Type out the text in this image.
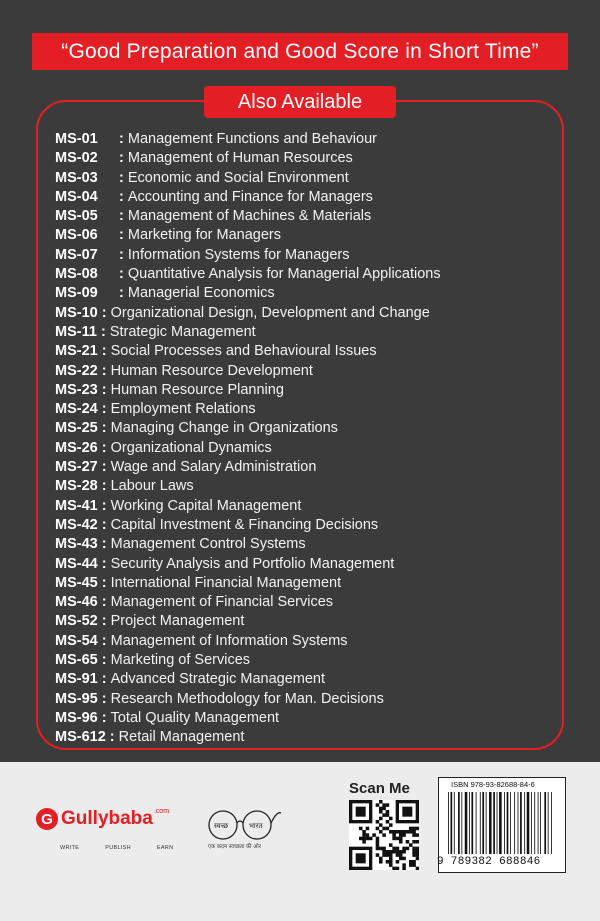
“Good Preparation and Good Score in Short Time”
Also Available
MS-01 : Management Functions and Behaviour
MS-02 : Management of Human Resources
MS-03 : Economic and Social Environment
MS-04 : Accounting and Finance for Managers
MS-05 : Management of Machines & Materials
MS-06 : Marketing for Managers
MS-07 : Information Systems for Managers
MS-08 : Quantitative Analysis for Managerial Applications
MS-09 : Managerial Economics
MS-10 : Organizational Design, Development and Change
MS-11 : Strategic Management
MS-21 : Social Processes and Behavioural Issues
MS-22 : Human Resource Development
MS-23 : Human Resource Planning
MS-24 : Employment Relations
MS-25 : Managing Change in Organizations
MS-26 : Organizational Dynamics
MS-27 : Wage and Salary Administration
MS-28 : Labour Laws
MS-41 : Working Capital Management
MS-42 : Capital Investment & Financing Decisions
MS-43 : Management Control Systems
MS-44 : Security Analysis and Portfolio Management
MS-45 : International Financial Management
MS-46 : Management of Financial Services
MS-52 : Project Management
MS-54 : Management of Information Systems
MS-65 : Marketing of Services
MS-91 : Advanced Strategic Management
MS-95 : Research Methodology for Man. Decisions
MS-96 : Total Quality Management
MS-612 : Retail Management
G Gullybaba .com
WRITE	PUBLISH	EARN
स्वच्छ	भारत
एक कदम स्वच्छता की ओर
Scan Me	ISBN 978-93-82688-84-6
9 789382 688846
